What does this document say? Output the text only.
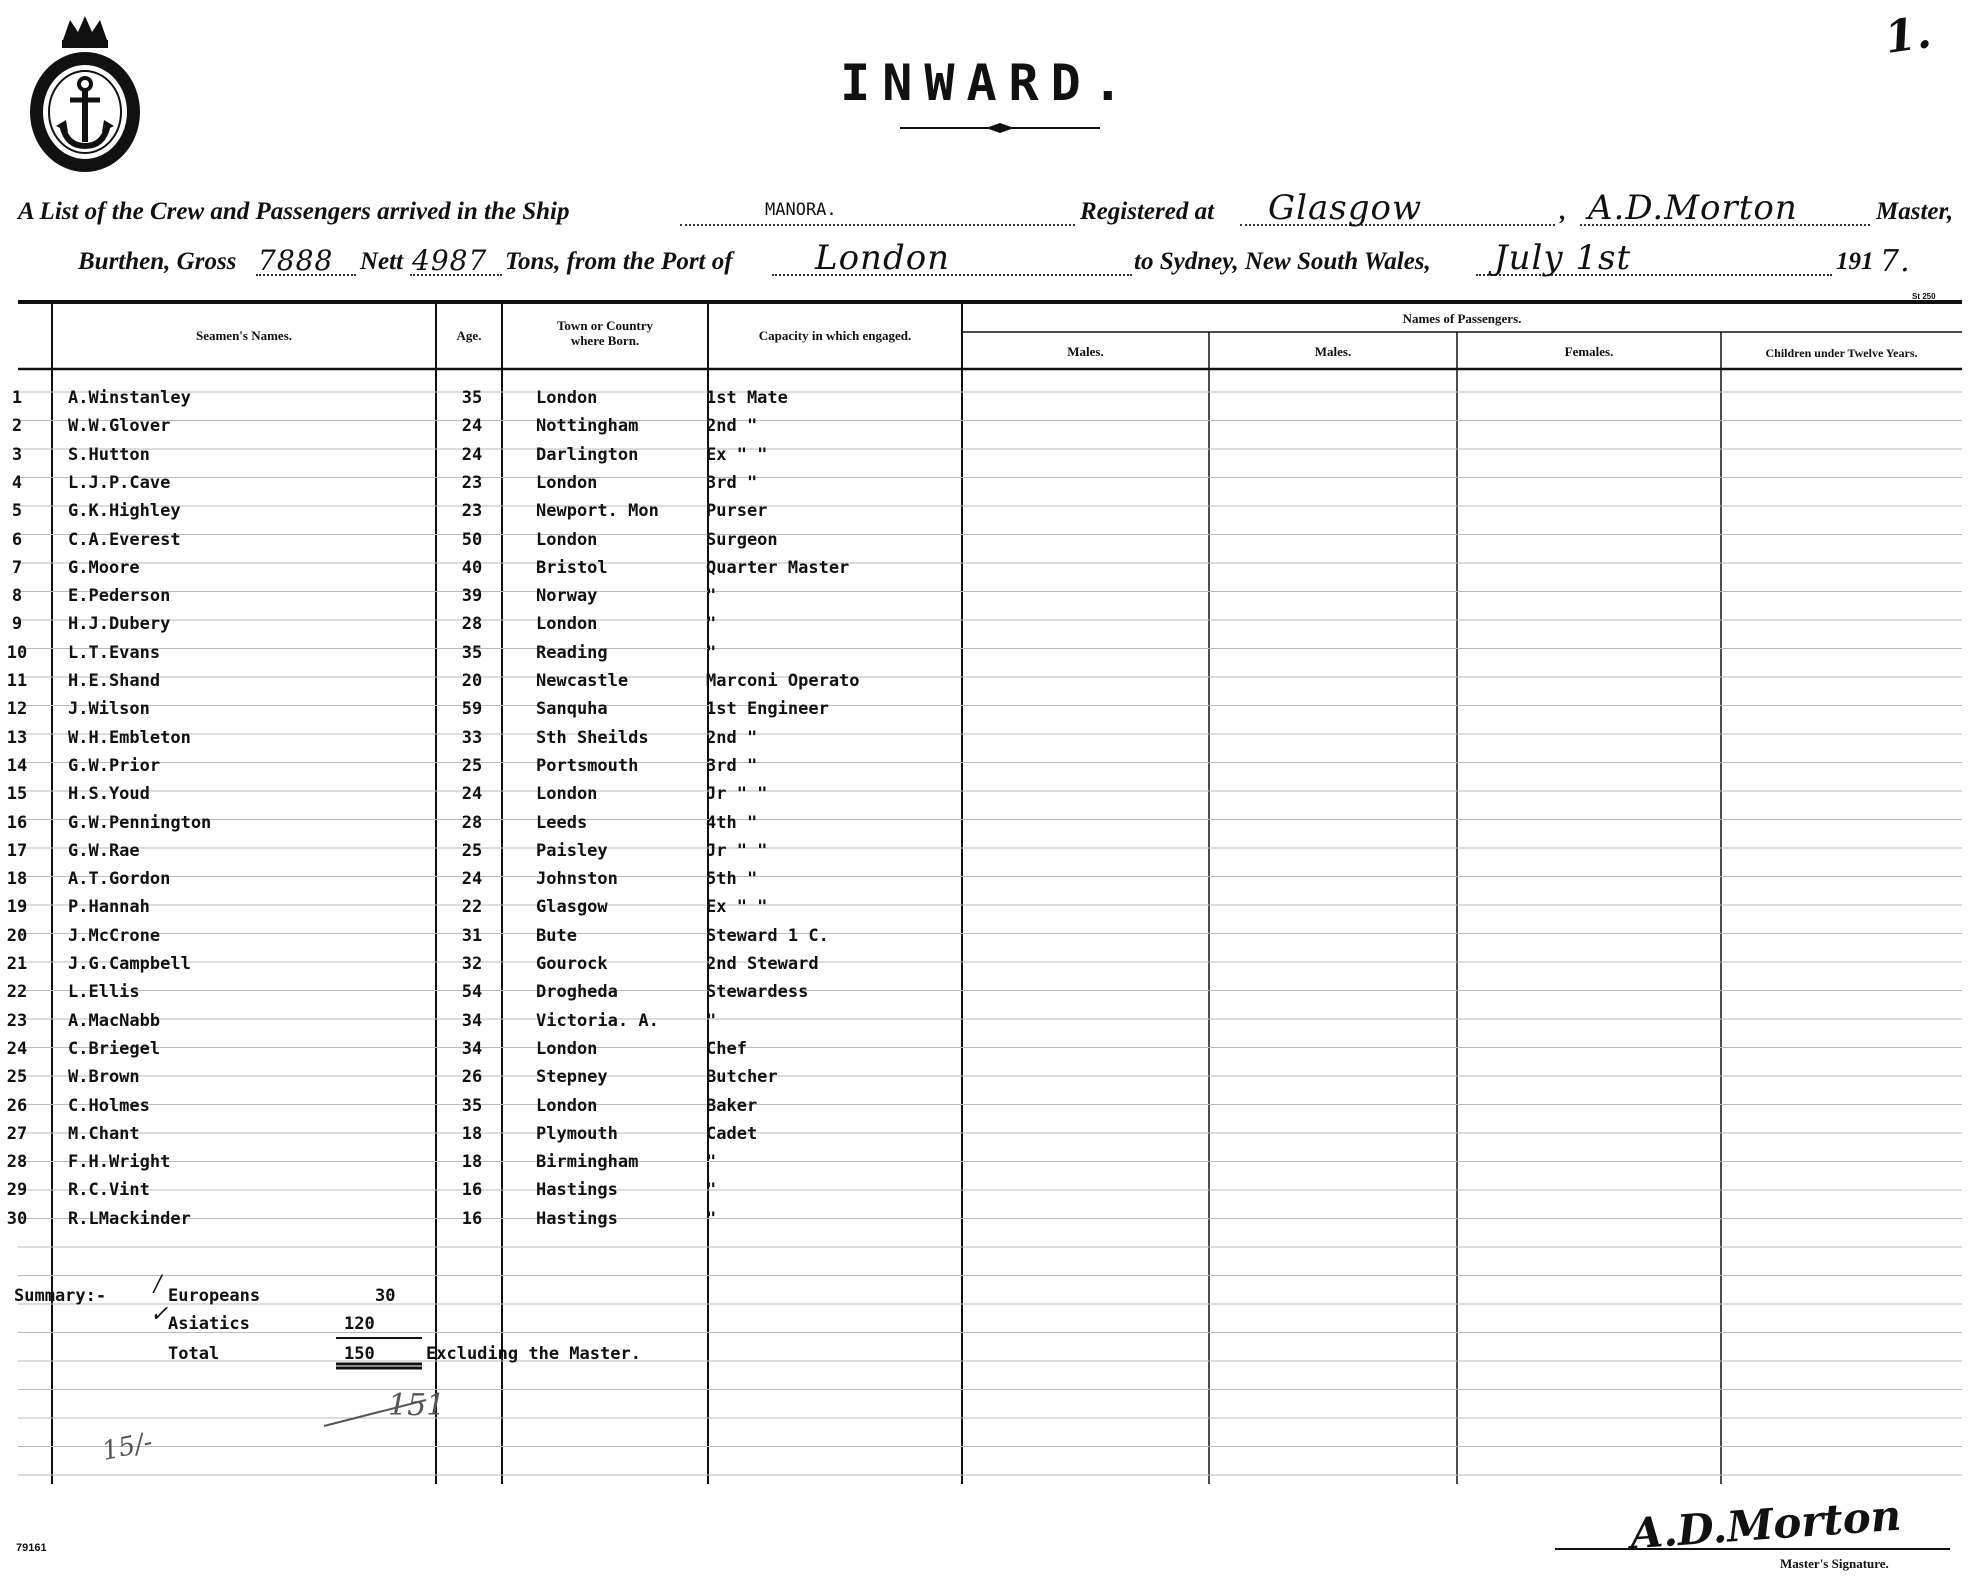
1.
INWARD.
A List of the Crew and Passengers arrived in the Ship	MANORA.	Registered at Glasgow	, A.D.Morton	Master,
Burthen, Gross 7888 Nett 4987 Tons, from the Port of London	to Sydney, New South Wales, July 1st	191 7.
St 250
Seamen's Names.	Age.
Town or Country
where Born.	Capacity in which engaged.
Names of Passengers.
Males.	Males.	Females.	Children under Twelve Years.
1	A.Winstanley	35	London	1st Mate
2	W.W.Glover	24	Nottingham	2nd "
3	S.Hutton	24	Darlington	Ex " "
4	L.J.P.Cave	23	London	3rd "
5	G.K.Highley	23	Newport. Mon	Purser
6	C.A.Everest	50	London	Surgeon
7	G.Moore	40	Bristol	Quarter Master
8	E.Pederson	39	Norway	"
9	H.J.Dubery	28	London	"
10	L.T.Evans	35	Reading	"
11	H.E.Shand	20	Newcastle	Marconi Operato
12	J.Wilson	59	Sanquha	1st Engineer
13	W.H.Embleton	33	Sth Sheilds	2nd "
14	G.W.Prior	25	Portsmouth	3rd "
15	H.S.Youd	24	London	Jr " "
16	G.W.Pennington	28	Leeds	4th "
17	G.W.Rae	25	Paisley	Jr " "
18	A.T.Gordon	24	Johnston	5th "
19	P.Hannah	22	Glasgow	Ex " "
20	J.McCrone	31	Bute	Steward 1 C.
21	J.G.Campbell	32	Gourock	2nd Steward
22	L.Ellis	54	Drogheda	Stewardess
23	A.MacNabb	34	Victoria. A.	"
24	C.Briegel	34	London	Chef
25	W.Brown	26	Stepney	Butcher
26	C.Holmes	35	London	Baker
27	M.Chant	18	Plymouth	Cadet
28	F.H.Wright	18	Birmingham	"
29	R.C.Vint	16	Hastings	"
30	R.LMackinder	16	Hastings	"
Summary:- / Europeans	30
✓ Asiatics	120
Total	150	Excluding the Master.
151
15/-
79161	A.D.Morton
Master's Signature.
